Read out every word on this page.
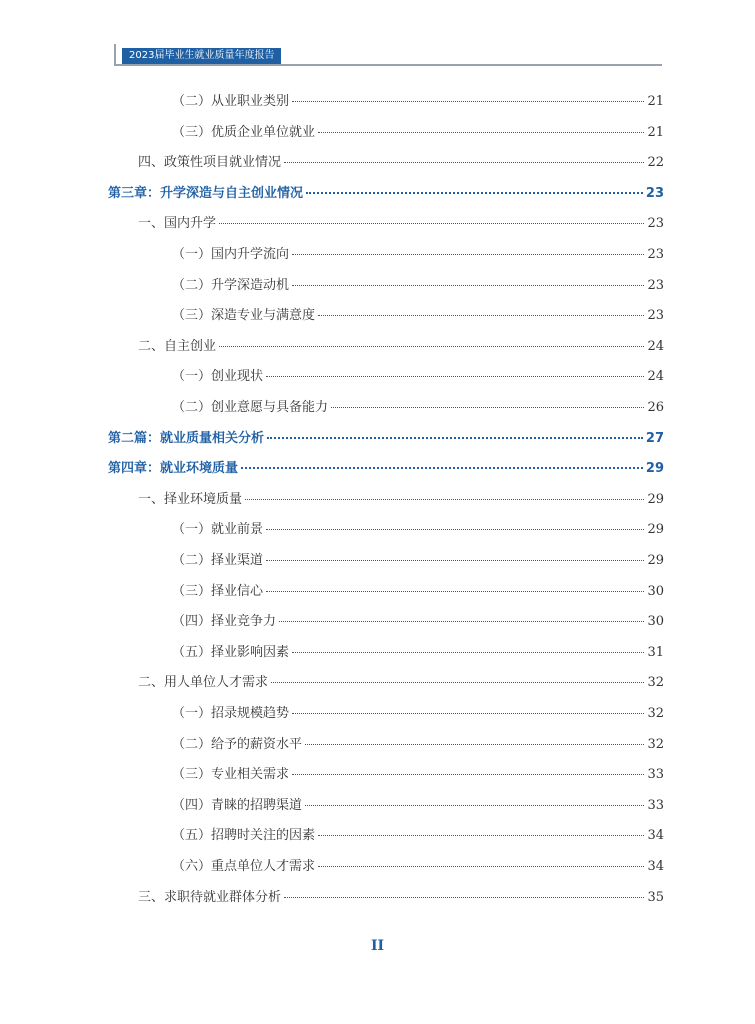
2023届毕业生就业质量年度报告
（二）从业职业类别	21
（三）优质企业单位就业	21
四、政策性项目就业情况	22
第三章：升学深造与自主创业情况	23
一、国内升学	23
（一）国内升学流向	23
（二）升学深造动机	23
（三）深造专业与满意度	23
二、自主创业	24
（一）创业现状	24
（二）创业意愿与具备能力	26
第二篇：就业质量相关分析	27
第四章：就业环境质量	29
一、择业环境质量	29
（一）就业前景	29
（二）择业渠道	29
（三）择业信心	30
（四）择业竞争力	30
（五）择业影响因素	31
二、用人单位人才需求	32
（一）招录规模趋势	32
（二）给予的薪资水平	32
（三）专业相关需求	33
（四）青睐的招聘渠道	33
（五）招聘时关注的因素	34
（六）重点单位人才需求	34
三、求职待就业群体分析	35
II
